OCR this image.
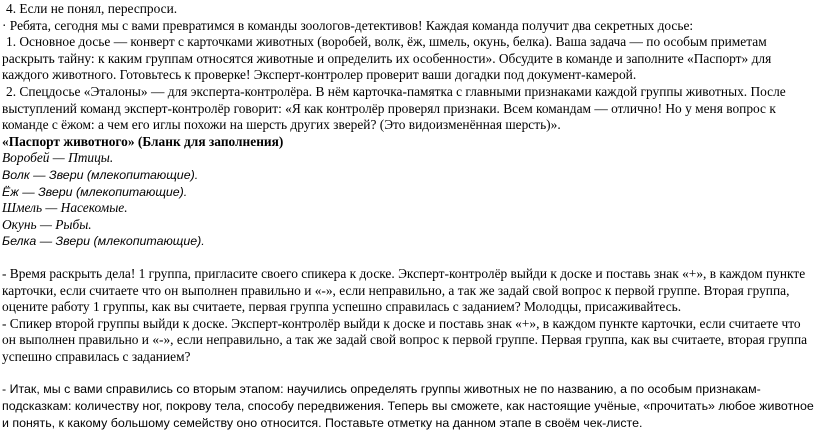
4. Если не понял, переспроси.

· Ребята, сегодня мы с вами превратимся в команды зоологов-детективов! Каждая команда получит два секретных досье:

1. Основное досье — конверт с карточками животных (воробей, волк, ёж, шмель, окунь, белка). Ваша задача — по особым приметам раскрыть тайну: к каким группам относятся животные и определить их особенности». Обсудите в команде и заполните «Паспорт» для каждого животного. Готовьтесь к проверке! Эксперт-контролер проверит ваши догадки под документ-камерой.

2. Спецдосье «Эталоны» — для эксперта-контролёра. В нём карточка-памятка с главными признаками каждой группы животных. После выступлений команд эксперт-контролёр говорит: «Я как контролёр проверял признаки. Всем командам — отлично! Но у меня вопрос к команде с ёжом: а чем его иглы похожи на шерсть других зверей? (Это видоизменённая шерсть)».

«Паспорт животного» (Бланк для заполнения)

Воробей — Птицы.

Волк — Звери (млекопитающие).

Ёж — Звери (млекопитающие).

Шмель — Насекомые.

Окунь — Рыбы.

Белка — Звери (млекопитающие).

- Время раскрыть дела! 1 группа, пригласите своего спикера к доске. Эксперт-контролёр выйди к доске и поставь знак «+», в каждом пункте карточки, если считаете что он выполнен правильно и «-», если неправильно, а так же задай свой вопрос к первой группе. Вторая группа, оцените работу 1 группы, как вы считаете, первая группа успешно справилась с заданием? Молодцы, присаживайтесь.

- Спикер второй группы выйди к доске. Эксперт-контролёр выйди к доске и поставь знак «+», в каждом пункте карточки, если считаете что он выполнен правильно и «-», если неправильно, а так же задай свой вопрос к первой группе. Первая группа, как вы считаете, вторая группа успешно справилась с заданием?

- Итак, мы с вами справились со вторым этапом: научились определять группы животных не по названию, а по особым признакам-подсказкам: количеству ног, покрову тела, способу передвижения. Теперь вы сможете, как настоящие учёные, «прочитать» любое животное и понять, к какому большому семейству оно относится. Поставьте отметку на данном этапе в своём чек-листе.
